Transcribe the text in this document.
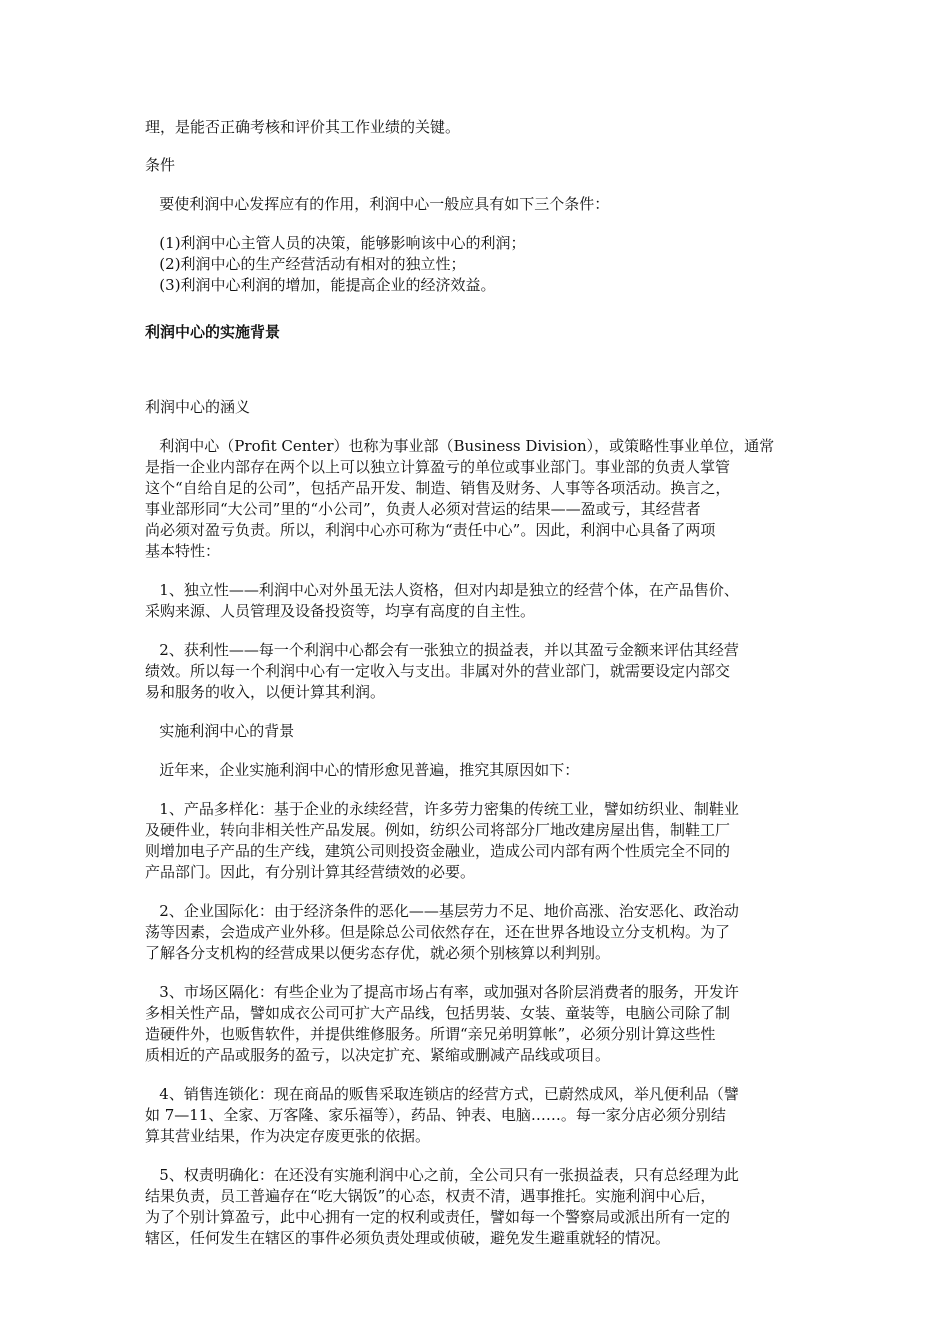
理，是能否正确考核和评价其工作业绩的关键。
条件
要使利润中心发挥应有的作用，利润中心一般应具有如下三个条件：
(1)利润中心主管人员的决策，能够影响该中心的利润；
(2)利润中心的生产经营活动有相对的独立性；
(3)利润中心利润的增加，能提高企业的经济效益。
利润中心的实施背景
利润中心的涵义
利润中心（Profit Center）也称为事业部（Business Division），或策略性事业单位，通常
是指一企业内部存在两个以上可以独立计算盈亏的单位或事业部门。事业部的负责人掌管
这个“自给自足的公司”，包括产品开发、制造、销售及财务、人事等各项活动。换言之，
事业部形同“大公司”里的“小公司”，负责人必须对营运的结果——盈或亏，其经营者
尚必须对盈亏负责。所以，利润中心亦可称为“责任中心”。因此，利润中心具备了两项
基本特性：
1、独立性——利润中心对外虽无法人资格，但对内却是独立的经营个体，在产品售价、
采购来源、人员管理及设备投资等，均享有高度的自主性。
2、获利性——每一个利润中心都会有一张独立的损益表，并以其盈亏金额来评估其经营
绩效。所以每一个利润中心有一定收入与支出。非属对外的营业部门，就需要设定内部交
易和服务的收入，以便计算其利润。
实施利润中心的背景
近年来，企业实施利润中心的情形愈见普遍，推究其原因如下：
1、产品多样化：基于企业的永续经营，许多劳力密集的传统工业，譬如纺织业、制鞋业
及硬件业，转向非相关性产品发展。例如，纺织公司将部分厂地改建房屋出售，制鞋工厂
则增加电子产品的生产线，建筑公司则投资金融业，造成公司内部有两个性质完全不同的
产品部门。因此，有分别计算其经营绩效的必要。
2、企业国际化：由于经济条件的恶化——基层劳力不足、地价高涨、治安恶化、政治动
荡等因素，会造成产业外移。但是除总公司依然存在，还在世界各地设立分支机构。为了
了解各分支机构的经营成果以便劣态存优，就必须个别核算以利判别。
3、市场区隔化：有些企业为了提高市场占有率，或加强对各阶层消费者的服务，开发许
多相关性产品，譬如成衣公司可扩大产品线，包括男装、女装、童装等，电脑公司除了制
造硬件外，也贩售软件，并提供维修服务。所谓“亲兄弟明算帐”，必须分别计算这些性
质相近的产品或服务的盈亏，以决定扩充、紧缩或删减产品线或项目。
4、销售连锁化：现在商品的贩售采取连锁店的经营方式，已蔚然成风，举凡便利品（譬
如 7—11、全家、万客隆、家乐福等），药品、钟表、电脑……。每一家分店必须分别结
算其营业结果，作为决定存废更张的依据。
5、权责明确化：在还没有实施利润中心之前，全公司只有一张损益表，只有总经理为此
结果负责，员工普遍存在“吃大锅饭”的心态，权责不清，遇事推托。实施利润中心后，
为了个别计算盈亏，此中心拥有一定的权利或责任，譬如每一个警察局或派出所有一定的
辖区，任何发生在辖区的事件必须负责处理或侦破，避免发生避重就轻的情况。
